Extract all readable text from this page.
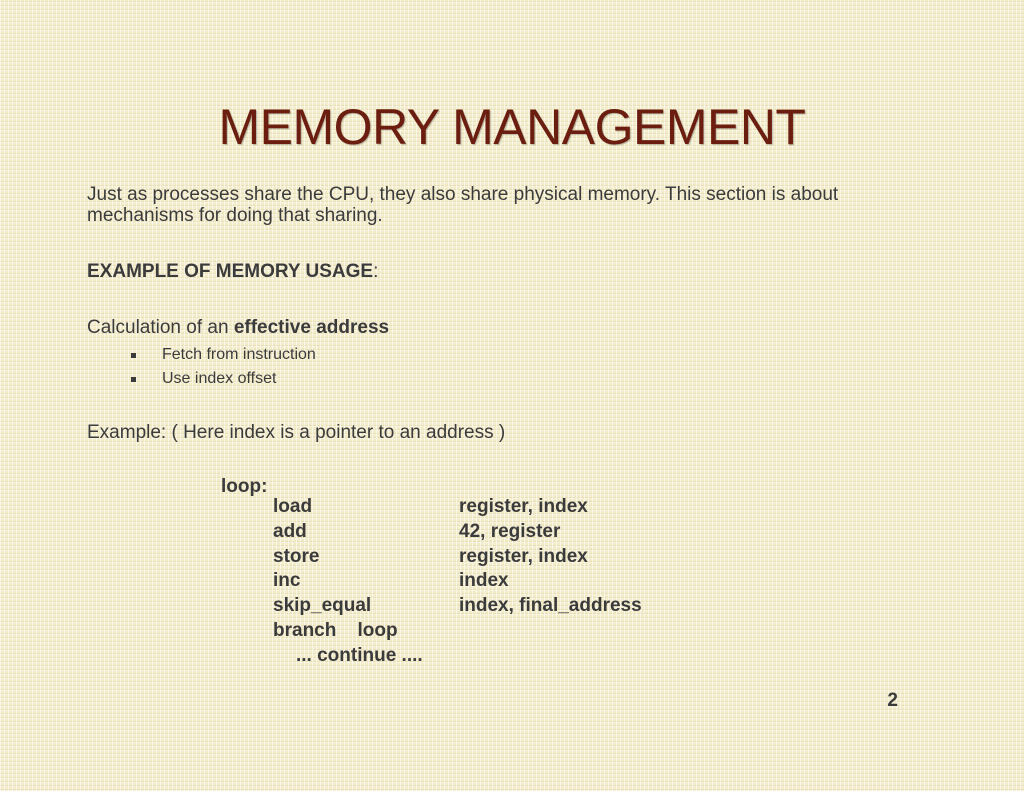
MEMORY MANAGEMENT
Just as processes share the CPU, they also share physical memory. This section is about mechanisms for doing that sharing.
EXAMPLE OF MEMORY USAGE:
Calculation of an effective address
Fetch from instruction
Use index offset
Example: ( Here index is a pointer to an address )
loop:
load
add
store
inc
skip_equal
branch    loop
register, index
42, register
register, index
index
index, final_address
... continue ....
2
